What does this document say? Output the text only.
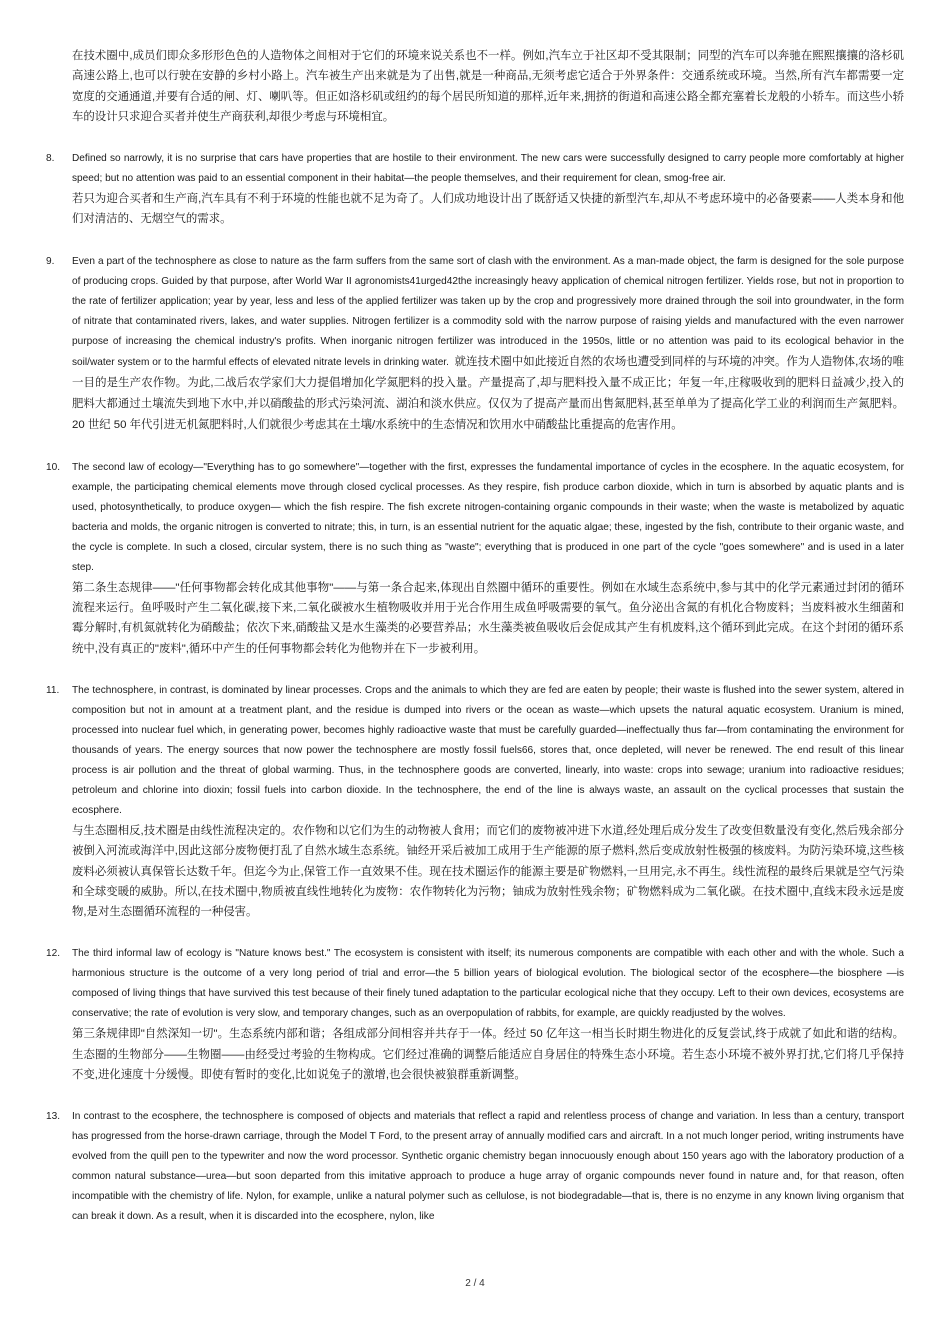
在技术圈中,成员们即众多形形色色的人造物体之间相对于它们的环境来说关系也不一样。例如,汽车立于社区却不受其限制；同型的汽车可以奔驰在熙熙攘攘的洛杉矶高速公路上,也可以行驶在安静的乡村小路上。汽车被生产出来就是为了出售,就是一种商品,无须考虑它适合于外界条件：交通系统或环境。当然,所有汽车都需要一定宽度的交通通道,并要有合适的闸、灯、喇叭等。但正如洛杉矶或纽约的每个居民所知道的那样,近年来,拥挤的街道和高速公路全都充塞着长龙般的小轿车。而这些小轿车的设计只求迎合买者并使生产商获利,却很少考虑与环境相宜。

8. Defined so narrowly, it is no surprise that cars have properties that are hostile to their environment. The new cars were successfully designed to carry people more comfortably at higher speed; but no attention was paid to an essential component in their habitat—the people themselves, and their requirement for clean, smog-free air.

若只为迎合买者和生产商,汽车具有不利于环境的性能也就不足为奇了。人们成功地设计出了既舒适又快捷的新型汽车,却从不考虑环境中的必备要素——人类本身和他们对清洁的、无烟空气的需求。

9. Even a part of the technosphere as close to nature as the farm suffers from the same sort of clash with the environment. As a man-made object, the farm is designed for the sole purpose of producing crops. Guided by that purpose, after World War II agronomists41urged42the increasingly heavy application of chemical nitrogen fertilizer. Yields rose, but not in proportion to the rate of fertilizer application; year by year, less and less of the applied fertilizer was taken up by the crop and progressively more drained through the soil into groundwater, in the form of nitrate that contaminated rivers, lakes, and water supplies. Nitrogen fertilizer is a commodity sold with the narrow purpose of raising yields and manufactured with the even narrower purpose of increasing the chemical industry's profits. When inorganic nitrogen fertilizer was introduced in the 1950s, little or no attention was paid to its ecological behavior in the soil/water system or to the harmful effects of elevated nitrate levels in drinking water. 就连技术圈中如此接近自然的农场也遭受到同样的与环境的冲突。作为人造物体,农场的唯一目的是生产农作物。为此,二战后农学家们大力提倡增加化学氮肥料的投入量。产量提高了,却与肥料投入量不成正比；年复一年,庄稼吸收到的肥料日益减少,投入的肥料大都通过土壤流失到地下水中,并以硝酸盐的形式污染河流、湖泊和淡水供应。仅仅为了提高产量而出售氮肥料,甚至单单为了提高化学工业的利润而生产氮肥料。20 世纪 50 年代引进无机氮肥料时,人们就很少考虑其在土壤/水系统中的生态情况和饮用水中硝酸盐比重提高的危害作用。

10. The second law of ecology—"Everything has to go somewhere"—together with the first, expresses the fundamental importance of cycles in the ecosphere. In the aquatic ecosystem, for example, the participating chemical elements move through closed cyclical processes. As they respire, fish produce carbon dioxide, which in turn is absorbed by aquatic plants and is used, photosynthetically, to produce oxygen— which the fish respire. The fish excrete nitrogen-containing organic compounds in their waste; when the waste is metabolized by aquatic bacteria and molds, the organic nitrogen is converted to nitrate; this, in turn, is an essential nutrient for the aquatic algae; these, ingested by the fish, contribute to their organic waste, and the cycle is complete. In such a closed, circular system, there is no such thing as "waste"; everything that is produced in one part of the cycle "goes somewhere" and is used in a later step.

第二条生态规律——"任何事物都会转化成其他事物"——与第一条合起来,体现出自然圈中循环的重要性。例如在水域生态系统中,参与其中的化学元素通过封闭的循环流程来运行。鱼呼吸时产生二氧化碳,接下来,二氧化碳被水生植物吸收并用于光合作用生成鱼呼吸需要的氧气。鱼分泌出含氮的有机化合物废料；当废料被水生细菌和霉分解时,有机氮就转化为硝酸盐；依次下来,硝酸盐又是水生藻类的必要营养品；水生藻类被鱼吸收后会促成其产生有机废料,这个循环到此完成。在这个封闭的循环系统中,没有真正的"废料",循环中产生的任何事物都会转化为他物并在下一步被利用。

11. The technosphere, in contrast, is dominated by linear processes. Crops and the animals to which they are fed are eaten by people; their waste is flushed into the sewer system, altered in composition but not in amount at a treatment plant, and the residue is dumped into rivers or the ocean as waste—which upsets the natural aquatic ecosystem. Uranium is mined, processed into nuclear fuel which, in generating power, becomes highly radioactive waste that must be carefully guarded—ineffectually thus far—from contaminating the environment for thousands of years. The energy sources that now power the technosphere are mostly fossil fuels66, stores that, once depleted, will never be renewed. The end result of this linear process is air pollution and the threat of global warming. Thus, in the technosphere goods are converted, linearly, into waste: crops into sewage; uranium into radioactive residues; petroleum and chlorine into dioxin; fossil fuels into carbon dioxide. In the technosphere, the end of the line is always waste, an assault on the cyclical processes that sustain the ecosphere.

与生态圈相反,技术圈是由线性流程决定的。农作物和以它们为生的动物被人食用；而它们的废物被冲进下水道,经处理后成分发生了改变但数量没有变化,然后残余部分被倒入河流或海洋中,因此这部分废物便打乱了自然水域生态系统。铀经开采后被加工成用于生产能源的原子燃料,然后变成放射性极强的核废料。为防污染环境,这些核废料必须被认真保管长达数千年。但迄今为止,保管工作一直效果不佳。现在技术圈运作的能源主要是矿物燃料,一旦用完,永不再生。线性流程的最终后果就是空气污染和全球变暖的威胁。所以,在技术圈中,物质被直线性地转化为废物：农作物转化为污物；铀成为放射性残余物；矿物燃料成为二氧化碳。在技术圈中,直线末段永远是废物,是对生态圈循环流程的一种侵害。

12. The third informal law of ecology is "Nature knows best." The ecosystem is consistent with itself; its numerous components are compatible with each other and with the whole. Such a harmonious structure is the outcome of a very long period of trial and error—the 5 billion years of biological evolution. The biological sector of the ecosphere—the biosphere —is composed of living things that have survived this test because of their finely tuned adaptation to the particular ecological niche that they occupy. Left to their own devices, ecosystems are conservative; the rate of evolution is very slow, and temporary changes, such as an overpopulation of rabbits, for example, are quickly readjusted by the wolves.

第三条规律即"自然深知一切"。生态系统内部和谐；各组成部分间相容并共存于一体。经过 50 亿年这一相当长时期生物进化的反复尝试,终于成就了如此和谐的结构。生态圈的生物部分——生物圈——由经受过考验的生物构成。它们经过准确的调整后能适应自身居住的特殊生态小环境。若生态小环境不被外界打扰,它们将几乎保持不变,进化速度十分缓慢。即使有暂时的变化,比如说兔子的激增,也会很快被狼群重新调整。

13. In contrast to the ecosphere, the technosphere is composed of objects and materials that reflect a rapid and relentless process of change and variation. In less than a century, transport has progressed from the horse-drawn carriage, through the Model T Ford, to the present array of annually modified cars and aircraft. In a not much longer period, writing instruments have evolved from the quill pen to the typewriter and now the word processor. Synthetic organic chemistry began innocuously enough about 150 years ago with the laboratory production of a common natural substance—urea—but soon departed from this imitative approach to produce a huge array of organic compounds never found in nature and, for that reason, often incompatible with the chemistry of life. Nylon, for example, unlike a natural polymer such as cellulose, is not biodegradable—that is, there is no enzyme in any known living organism that can break it down. As a result, when it is discarded into the ecosphere, nylon, like

2 / 4
